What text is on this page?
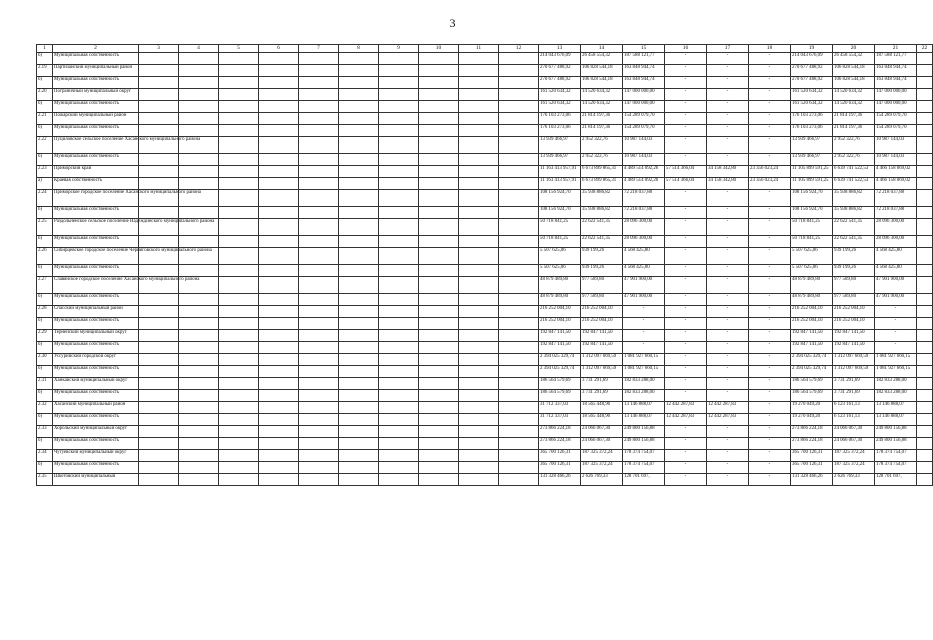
3
1	2	3	4	5	6	7	8	9	10	11	12	13	14	15	16	17	18	19	20	21	22
б)	Муниципальная собственность											214 043 676,09	26 458 554,32	187 588 121,77	-	-	-	214 043 676,09	26 458 554,32	187 588 121,77	
2.19	Партизанский муниципальный район											270 677 488,92	106 828 544,18	163 848 944,74	-	-	-	270 677 488,92	106 828 544,18	163 848 944,74	
б)	Муниципальная собственность											270 677 488,92	106 828 544,18	163 848 944,74	-	-	-	270 677 488,92	106 828 544,18	163 848 944,74	
2.20	Пограничный муниципальный округ											161 520 634,32	14 520 634,32	147 000 000,00	-	-	-	161 520 634,32	14 520 634,32	147 000 000,00	
б)	Муниципальная собственность											161 520 634,32	14 520 634,32	147 000 000,00	-	-	-	161 520 634,32	14 520 634,32	147 000 000,00	
2.21	Пожарский муниципальный район											176 103 273,06	21 814 197,36	154 289 079,70	-	-	-	176 103 273,06	21 814 197,36	154 289 079,70	
б)	Муниципальная собственность											176 103 273,06	21 814 197,36	154 289 079,70	-	-	-	176 103 273,06	21 814 197,36	154 289 079,70	
2.22	Пуциловское сельское поселение Хасанского муниципального района											13 939 466,97	2 952 322,76	10 987 144,03	-	-	-	13 939 466,97	2 952 322,76	10 987 144,03	
б)	Муниципальная собственность											13 939 466,97	2 952 322,76	10 987 144,03	-	-	-	13 939 466,97	2 952 322,76	10 987 144,03	
2.23	Приморский край											11 163 413 957,91	6 673 899 865,31	4 489 514 092,26	57 514 366,04	34 158 342,80	23 356 023,24	11 105 899 591,25	6 639 741 522,53	4 466 158 069,02	
а)	Краевая собственность											11 163 413 957,91	6 673 899 865,31	4 489 514 092,26	57 514 366,04	34 158 342,80	23 356 023,24	11 105 899 591,25	6 639 741 522,53	4 466 158 069,02	
2.24	Приморское городское поселение Хасанского муниципального района											108 156 924,70	35 938 886,82	72 218 037,88	-	-	-	108 156 924,70	35 938 886,82	72 218 037,88	
б)	Муниципальная собственность											108 156 924,70	35 938 886,82	72 218 037,88	-	-	-	108 156 924,70	35 938 886,82	72 218 037,88	
2.25	Раздольненское сельское поселение Надеждинского муниципального района											50 718 841,25	22 622 541,35	28 096 300,00	-	-	-	50 718 841,25	22 622 541,35	28 096 300,00	
б)	Муниципальная собственность											50 718 841,25	22 622 541,35	28 096 300,00	-	-	-	50 718 841,25	22 622 541,35	28 096 300,00	
2.26	Сибирцевское городское поселение Черниговского муниципального района											5 507 625,06	939 199,26	4 568 425,80	-	-	-	5 507 625,06	939 199,26	4 568 425,80	
б)	Муниципальная собственность											5 507 625,06	939 199,26	4 568 425,80	-	-	-	5 507 625,06	939 199,26	4 568 425,80	
2.27	Славянское городское поселение Хасанского муниципального района											48 879 489,80	977 589,80	47 901 900,00	-	-	-	48 879 489,80	977 589,80	47 901 900,00	
б)	Муниципальная собственность											48 879 489,80	977 589,80	47 901 900,00	-	-	-	48 879 489,80	977 589,80	47 901 900,00	
2.28	Спасский муниципальный район											216 252 004,10	216 252 004,10	-	-	-	-	216 252 004,10	216 252 004,10	-	
б)	Муниципальная собственность											216 252 004,10	216 252 004,10	-	-	-	-	216 252 004,10	216 252 004,10	-	
2.29	Тернейский муниципальный округ											192 847 141,50	192 847 141,50	-	-	-	-	192 847 141,50	192 847 141,50	-	
б)	Муниципальная собственность											192 847 141,50	192 847 141,50	-	-	-	-	192 847 141,50	192 847 141,50	-	
2.30	Уссурийский городской округ											2 394 025 329,74	1 312 097 669,59	1 081 927 660,15	-	-	-	2 394 025 329,74	1 312 097 669,59	1 081 927 660,15	
б)	Муниципальная собственность											2 394 025 329,74	1 312 097 669,59	1 081 927 660,15	-	-	-	2 394 025 329,74	1 312 097 669,59	1 081 927 660,15	
2.31	Ханкайский муниципальный округ											186 564 579,69	3 731 291,69	182 833 288,00	-	-	-	186 564 579,69	3 731 291,69	182 833 288,00	
б)	Муниципальная собственность											186 564 579,69	3 731 291,69	182 833 288,00	-	-	-	186 564 579,69	3 731 291,69	182 833 288,00	
2.32	Хасанский муниципальный район											31 712 337,03	18 565 448,96	13 146 888,07	12 442 287,83	12 442 287,83	-	19 270 049,20	6 123 161,13	13 146 888,07	
б)	Муниципальная собственность											31 712 337,03	18 565 448,96	13 146 888,07	12 442 287,83	12 442 287,83	-	19 270 049,20	6 123 161,13	13 146 888,07	
2.33	Хорольский муниципальный округ											273 866 224,18	24 066 067,30	249 800 156,88	-	-	-	273 866 224,18	24 066 067,30	249 800 156,88	
б)	Муниципальная собственность											273 866 224,18	24 066 067,30	249 800 156,88	-	-	-	273 866 224,18	24 066 067,30	249 800 156,88	
2.34	Чугуевский муниципальный округ											365 700 126,31	187 325 372,24	178 374 754,07	-	-	-	365 700 126,31	187 325 372,24	178 374 754,07	
б)	Муниципальная собственность											365 700 126,31	187 325 372,24	178 374 754,07	-	-	-	365 700 126,31	187 325 372,24	178 374 754,07	
2.35	Шкотовский муниципальный											131 328 466,26	2 626 769,33	128 701 697,	-	-	-	131 328 466,26	2 626 769,33	128 701 697,	
